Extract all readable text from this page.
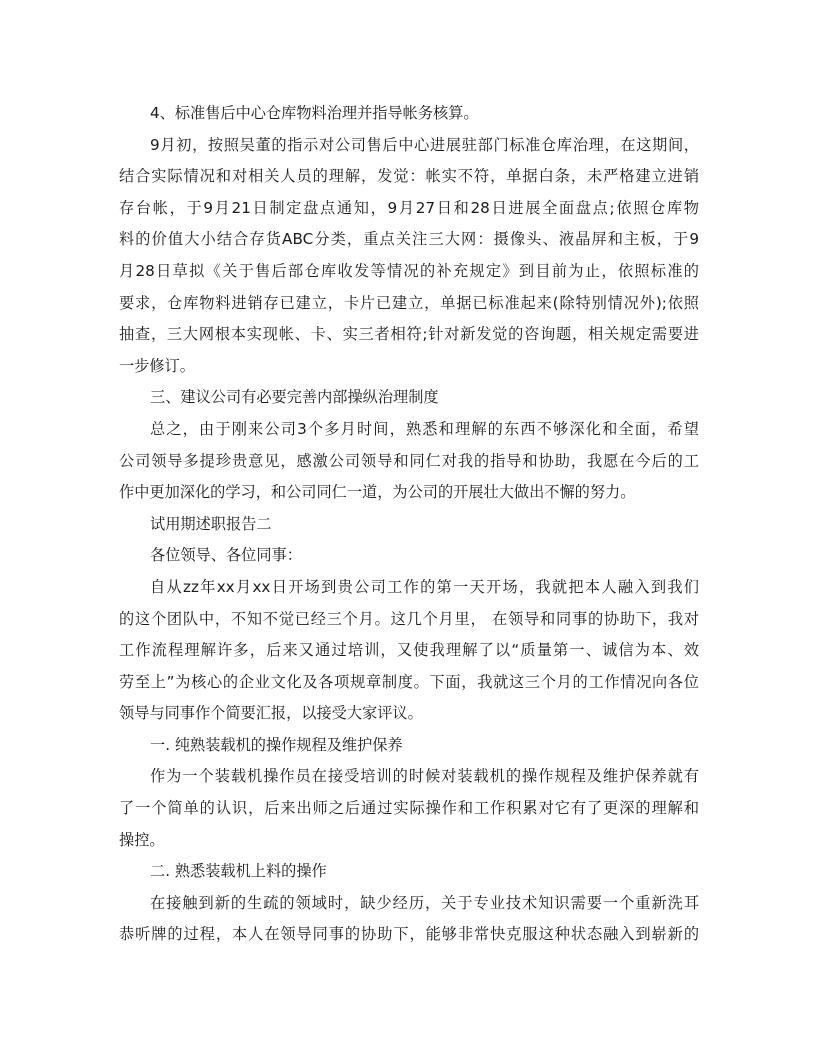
4、标准售后中心仓库物料治理并指导帐务核算。

9月初，按照吴董的指示对公司售后中心进展驻部门标准仓库治理，在这期间，

结合实际情况和对相关人员的理解，发觉：帐实不符，单据白条，未严格建立进销

存台帐，于9月21日制定盘点通知，9月27日和28日进展全面盘点;依照仓库物

料的价值大小结合存货ABC分类，重点关注三大网：摄像头、液晶屏和主板，于9

月28日草拟《关于售后部仓库收发等情况的补充规定》到目前为止，依照标准的

要求，仓库物料进销存已建立，卡片已建立，单据已标准起来(除特别情况外);依照

抽查，三大网根本实现帐、卡、实三者相符;针对新发觉的咨询题，相关规定需要进

一步修订。

三、建议公司有必要完善内部操纵治理制度

总之，由于刚来公司3个多月时间，熟悉和理解的东西不够深化和全面，希望

公司领导多提珍贵意见，感激公司领导和同仁对我的指导和协助，我愿在今后的工

作中更加深化的学习，和公司同仁一道，为公司的开展壮大做出不懈的努力。

试用期述职报告二

各位领导、各位同事：

自从zz年xx月xx日开场到贵公司工作的第一天开场，我就把本人融入到我们

的这个团队中，不知不觉已经三个月。这几个月里， 在领导和同事的协助下，我对

工作流程理解许多，后来又通过培训，又使我理解了以“质量第一、诚信为本、效

劳至上”为核心的企业文化及各项规章制度。下面，我就这三个月的工作情况向各位

领导与同事作个简要汇报，以接受大家评议。

一. 纯熟装载机的操作规程及维护保养

作为一个装载机操作员在接受培训的时候对装载机的操作规程及维护保养就有

了一个简单的认识，后来出师之后通过实际操作和工作积累对它有了更深的理解和

操控。

二. 熟悉装载机上料的操作

在接触到新的生疏的领域时，缺少经历，关于专业技术知识需要一个重新洗耳

恭听牌的过程，本人在领导同事的协助下，能够非常快克服这种状态融入到崭新的
